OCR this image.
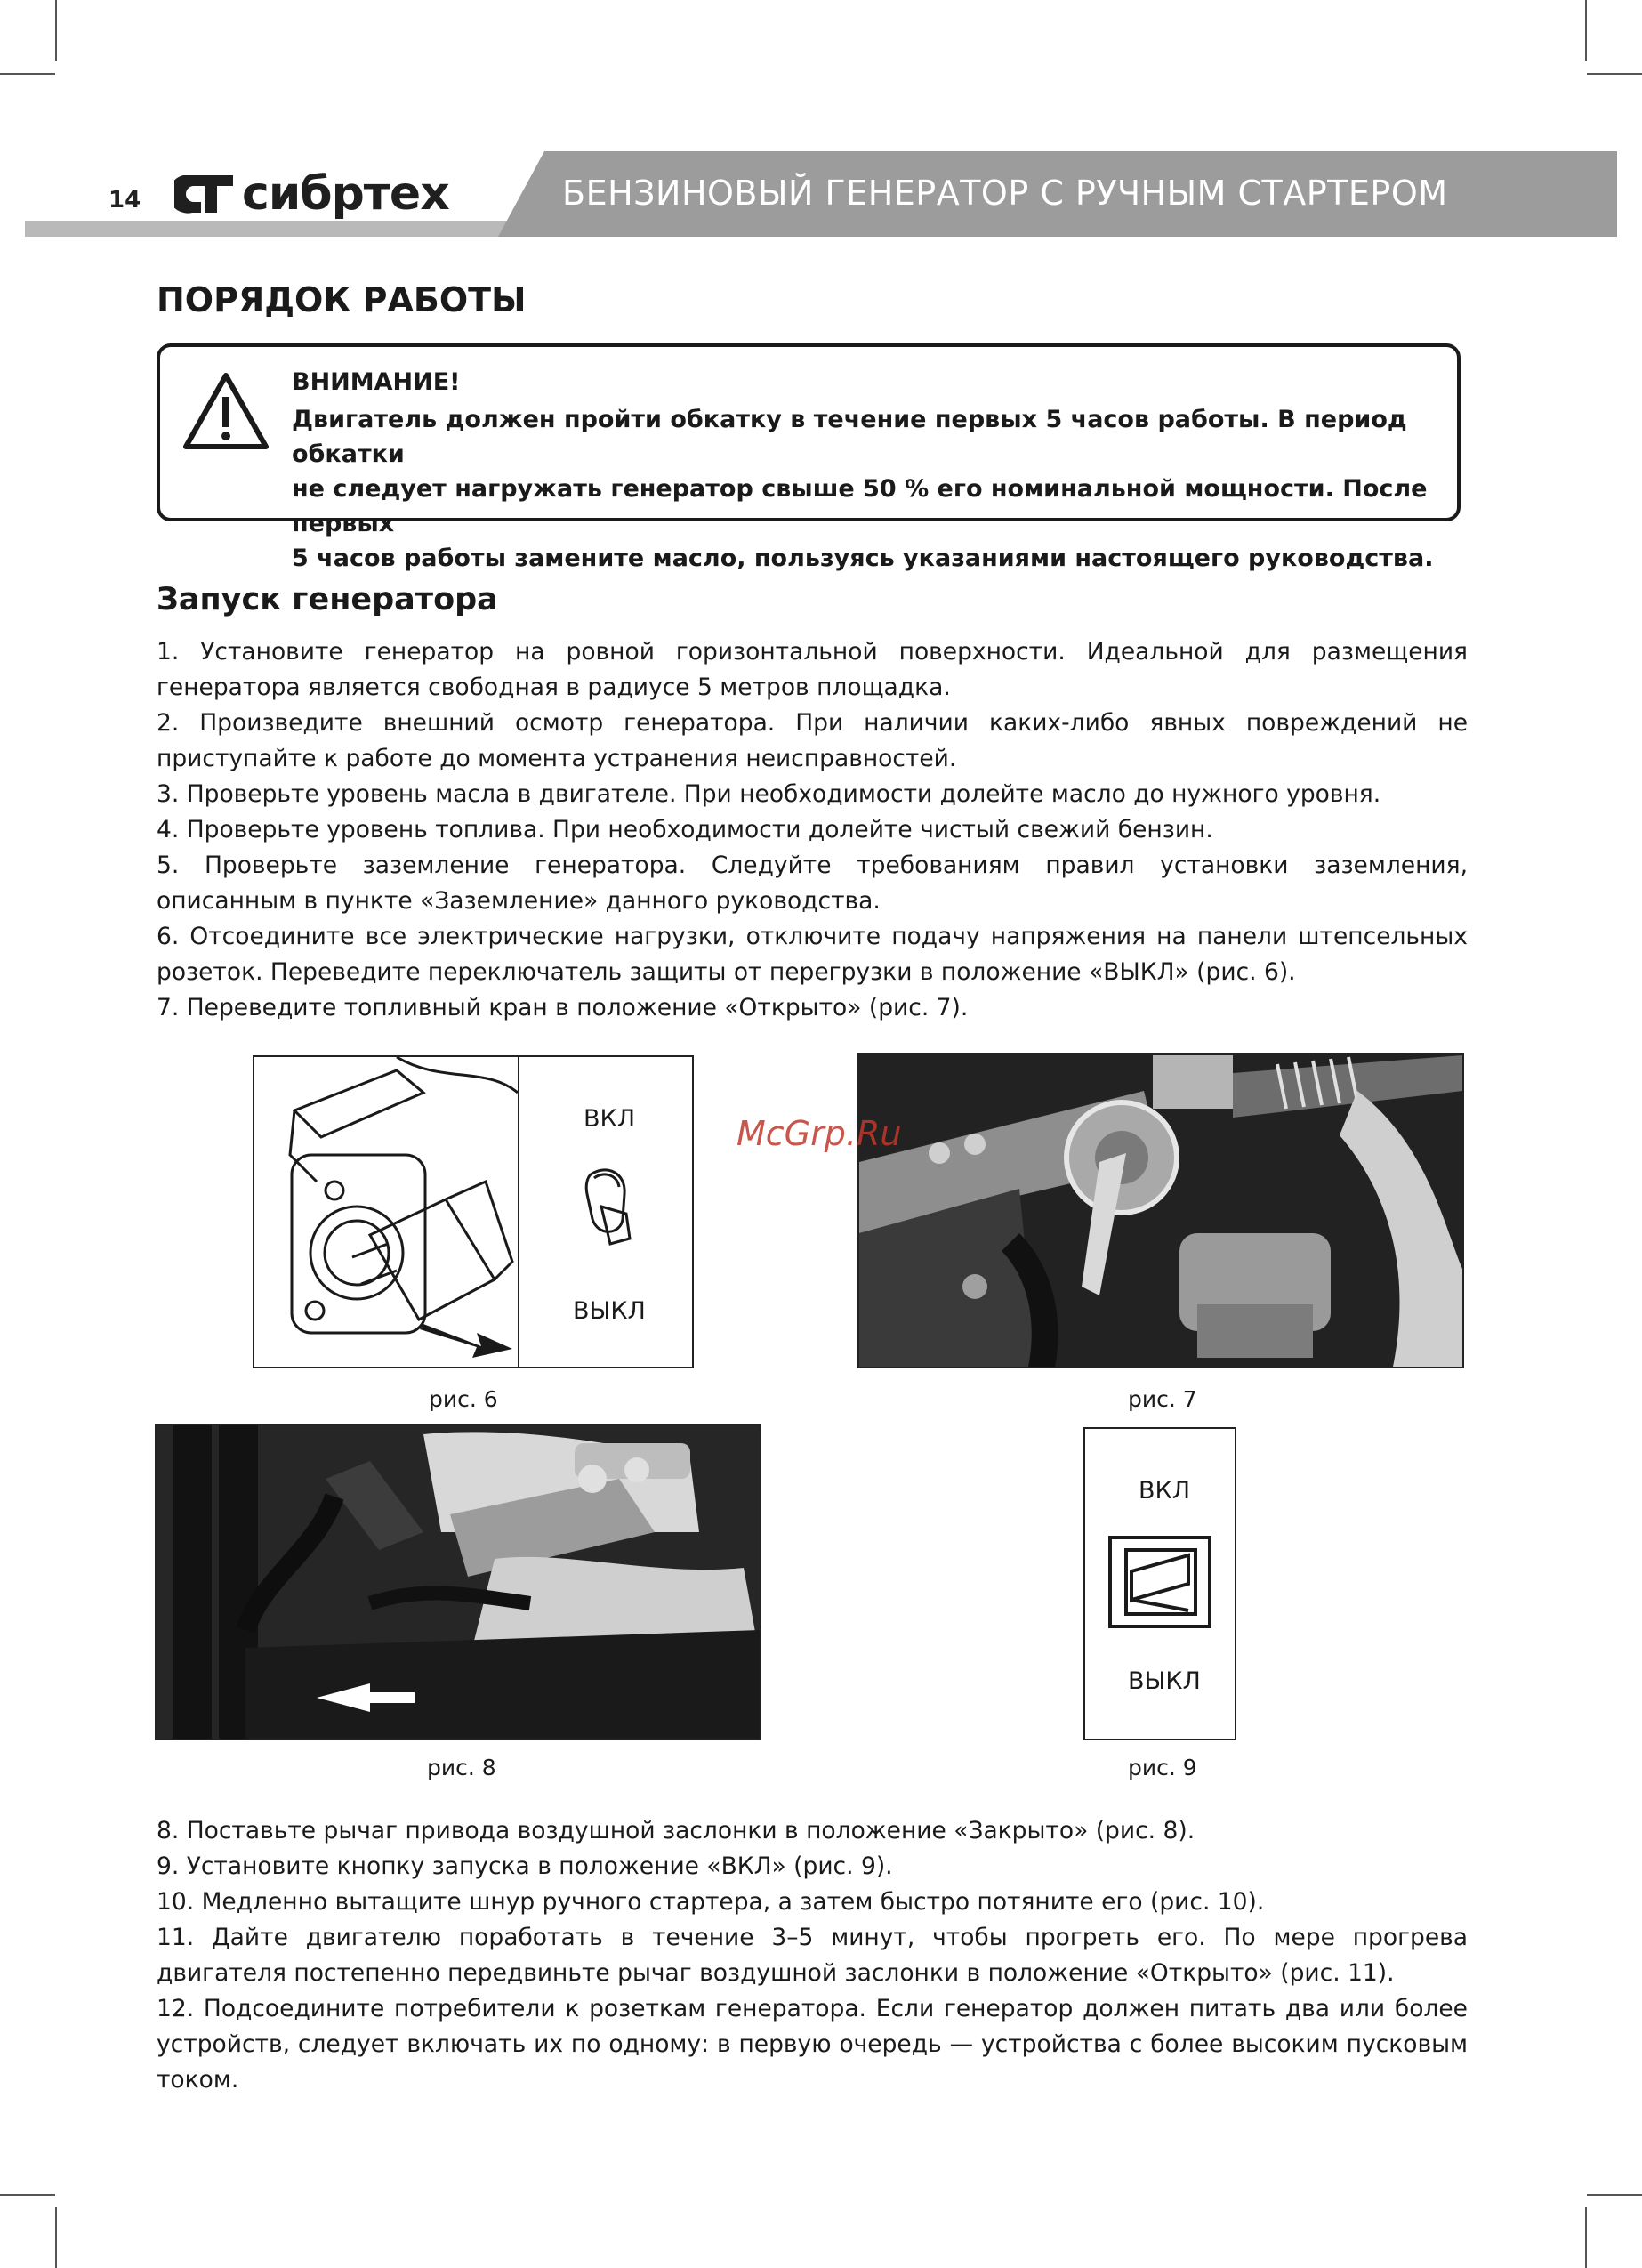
БЕНЗИНОВЫЙ ГЕНЕРАТОР С РУЧНЫМ СТАРТЕРОМ
14 сибртех
ПОРЯДОК РАБОТЫ
ВНИМАНИЕ!
Двигатель должен пройти обкатку в течение первых 5 часов работы. В период обкатки
не следует нагружать генератор свыше 50 % его номинальной мощности. После первых
5 часов работы замените масло, пользуясь указаниями настоящего руководства.
Запуск генератора
1. Установите генератор на ровной горизонтальной поверхности. Идеальной для размещения генератора является свободная в радиусе 5 метров площадка.
2. Произведите внешний осмотр генератора. При наличии каких-либо явных повреждений не приступайте к работе до момента устранения неисправностей.
3. Проверьте уровень масла в двигателе. При необходимости долейте масло до нужного уровня.
4. Проверьте уровень топлива. При необходимости долейте чистый свежий бензин.
5. Проверьте заземление генератора. Следуйте требованиям правил установки заземления, описанным в пункте «Заземление» данного руководства.
6. Отсоедините все электрические нагрузки, отключите подачу напряжения на панели штепсельных розеток. Переведите переключатель защиты от перегрузки в положение «ВЫКЛ» (рис. 6).
7. Переведите топливный кран в положение «Открыто» (рис. 7).
ВКЛ
ВЫКЛ
рис. 6	рис. 7
McGrp.Ru
рис. 8
ВКЛ
ВЫКЛ
рис. 9
8. Поставьте рычаг привода воздушной заслонки в положение «Закрыто» (рис. 8).
9. Установите кнопку запуска в положение «ВКЛ» (рис. 9).
10. Медленно вытащите шнур ручного стартера, а затем быстро потяните его (рис. 10).
11. Дайте двигателю поработать в течение 3–5 минут, чтобы прогреть его. По мере прогрева двигателя постепенно передвиньте рычаг воздушной заслонки в положение «Открыто» (рис. 11).
12. Подсоедините потребители к розеткам генератора. Если генератор должен питать два или более устройств, следует включать их по одному: в первую очередь — устройства с более высоким пусковым током.
